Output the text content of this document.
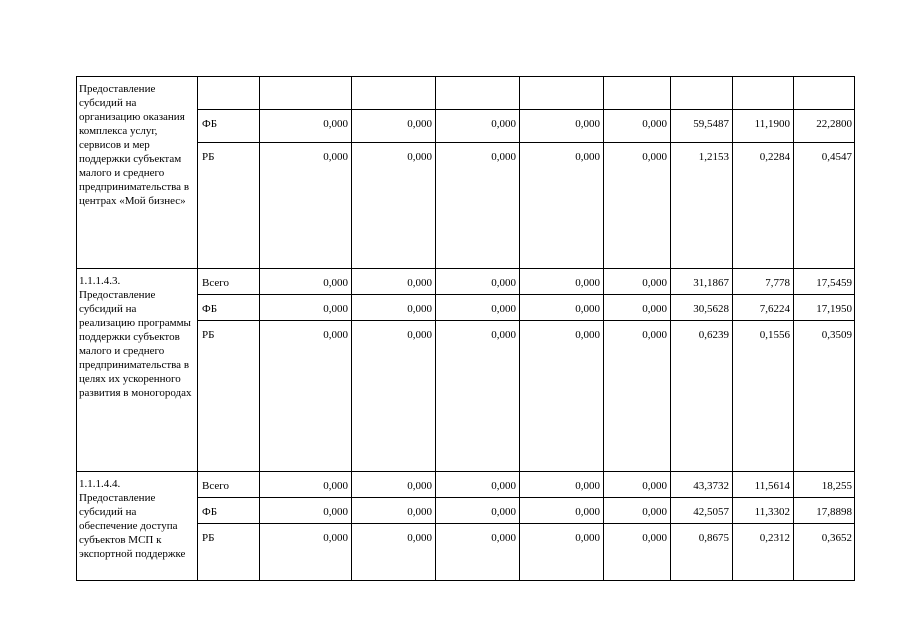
Предоставление субсидий на организацию оказания комплекса услуг, сервисов и мер поддержки субъектам малого и среднего предпринимательства в центрах «Мой бизнес»									
	ФБ	0,000	0,000	0,000	0,000	0,000	59,5487	11,1900	22,2800
	РБ	0,000	0,000	0,000	0,000	0,000	1,2153	0,2284	0,4547
1.1.1.4.3. Предоставление субсидий на реализацию программы поддержки субъектов малого и среднего предпринимательства в целях их ускоренного развития в моногородах	Всего	0,000	0,000	0,000	0,000	0,000	31,1867	7,778	17,5459
	ФБ	0,000	0,000	0,000	0,000	0,000	30,5628	7,6224	17,1950
	РБ	0,000	0,000	0,000	0,000	0,000	0,6239	0,1556	0,3509
1.1.1.4.4. Предоставление субсидий на обеспечение доступа субъектов МСП к экспортной поддержке	Всего	0,000	0,000	0,000	0,000	0,000	43,3732	11,5614	18,255
	ФБ	0,000	0,000	0,000	0,000	0,000	42,5057	11,3302	17,8898
	РБ	0,000	0,000	0,000	0,000	0,000	0,8675	0,2312	0,3652
